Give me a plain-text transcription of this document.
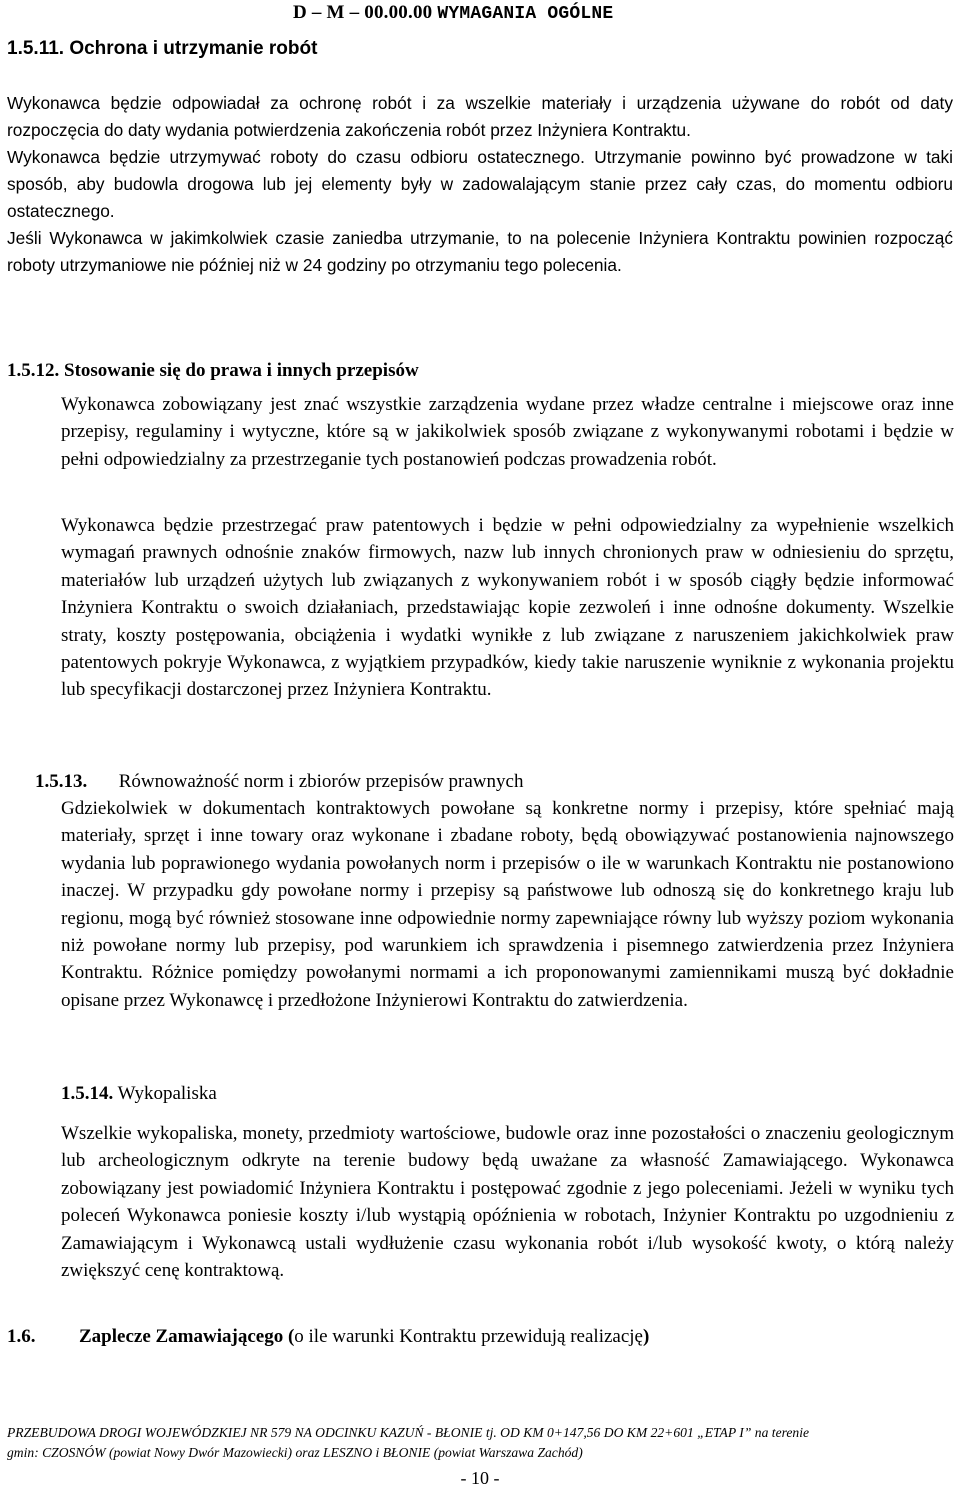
D – M – 00.00.00 WYMAGANIA OGÓLNE
1.5.11. Ochrona i utrzymanie robót

Wykonawca będzie odpowiadał za ochronę robót i za wszelkie materiały i urządzenia używane do robót od daty rozpoczęcia do daty wydania potwierdzenia zakończenia robót przez Inżyniera Kontraktu.

Wykonawca będzie utrzymywać roboty do czasu odbioru ostatecznego. Utrzymanie powinno być prowadzone w taki sposób, aby budowla drogowa lub jej elementy były w zadowalającym stanie przez cały czas, do momentu odbioru ostatecznego.

Jeśli Wykonawca w jakimkolwiek czasie zaniedba utrzymanie, to na polecenie Inżyniera Kontraktu powinien rozpocząć roboty utrzymaniowe nie później niż w 24 godziny po otrzymaniu tego polecenia.

1.5.12. Stosowanie się do prawa i innych przepisów

Wykonawca zobowiązany jest znać wszystkie zarządzenia wydane przez władze centralne i miejscowe oraz inne przepisy, regulaminy i wytyczne, które są w jakikolwiek sposób związane z wykonywanymi robotami i będzie w pełni odpowiedzialny za przestrzeganie tych postanowień podczas prowadzenia robót.

Wykonawca będzie przestrzegać praw patentowych i będzie w pełni odpowiedzialny za wypełnienie wszelkich wymagań prawnych odnośnie znaków firmowych, nazw lub innych chronionych praw w odniesieniu do sprzętu, materiałów lub urządzeń użytych lub związanych z wykonywaniem robót i w sposób ciągły będzie informować Inżyniera Kontraktu o swoich działaniach, przedstawiając kopie zezwoleń i inne odnośne dokumenty. Wszelkie straty, koszty postępowania, obciążenia i wydatki wynikłe z lub związane z naruszeniem jakichkolwiek praw patentowych pokryje Wykonawca, z wyjątkiem przypadków, kiedy takie naruszenie wyniknie z wykonania projektu lub specyfikacji dostarczonej przez Inżyniera Kontraktu.

1.5.13. Równoważność norm i zbiorów przepisów prawnych

Gdziekolwiek w dokumentach kontraktowych powołane są konkretne normy i przepisy, które spełniać mają materiały, sprzęt i inne towary oraz wykonane i zbadane roboty, będą obowiązywać postanowienia najnowszego wydania lub poprawionego wydania powołanych norm i przepisów o ile w warunkach Kontraktu nie postanowiono inaczej. W przypadku gdy powołane normy i przepisy są państwowe lub odnoszą się do konkretnego kraju lub regionu, mogą być również stosowane inne odpowiednie normy zapewniające równy lub wyższy poziom wykonania niż powołane normy lub przepisy, pod warunkiem ich sprawdzenia i pisemnego zatwierdzenia przez Inżyniera Kontraktu. Różnice pomiędzy powołanymi normami a ich proponowanymi zamiennikami muszą być dokładnie opisane przez Wykonawcę i przedłożone Inżynierowi Kontraktu do zatwierdzenia.

1.5.14. Wykopaliska

Wszelkie wykopaliska, monety, przedmioty wartościowe, budowle oraz inne pozostałości o znaczeniu geologicznym lub archeologicznym odkryte na terenie budowy będą uważane za własność Zamawiającego. Wykonawca zobowiązany jest powiadomić Inżyniera Kontraktu i postępować zgodnie z jego poleceniami. Jeżeli w wyniku tych poleceń Wykonawca poniesie koszty i/lub wystąpią opóźnienia w robotach, Inżynier Kontraktu po uzgodnieniu z Zamawiającym i Wykonawcą ustali wydłużenie czasu wykonania robót i/lub wysokość kwoty, o którą należy zwiększyć cenę kontraktową.

1.6. Zaplecze Zamawiającego (o ile warunki Kontraktu przewidują realizację)

PRZEBUDOWA DROGI WOJEWÓDZKIEJ NR 579 NA ODCINKU KAZUŃ - BŁONIE tj. OD KM 0+147,56 DO KM 22+601 „ETAP I” na terenie

gmin: CZOSNÓW (powiat Nowy Dwór Mazowiecki) oraz LESZNO i BŁONIE (powiat Warszawa Zachód)

- 10 -
